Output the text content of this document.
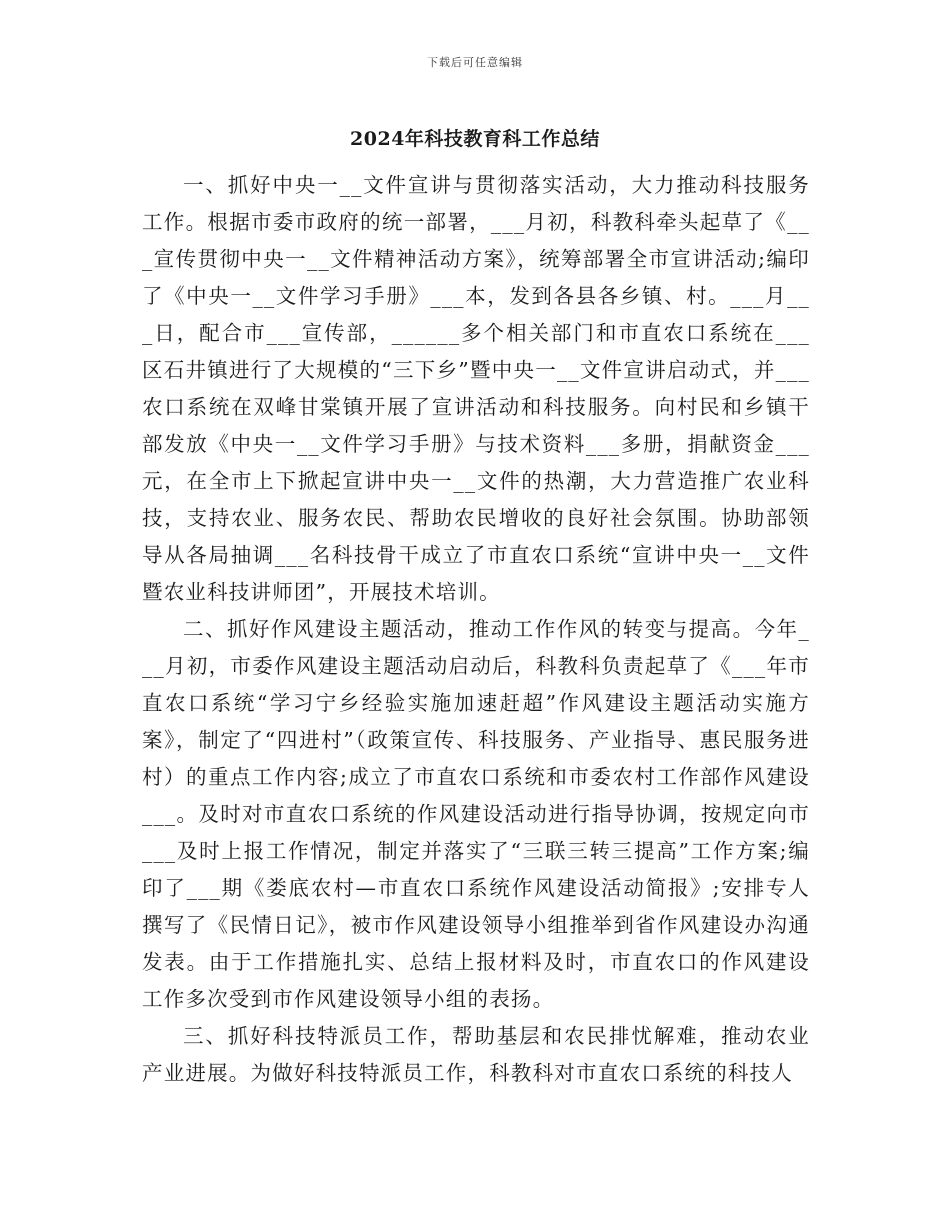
下载后可任意编辑
2024年科技教育科工作总结

一、抓好中央一__文件宣讲与贯彻落实活动，大力推动科技服务工作。根据市委市政府的统一部署，___月初，科教科牵头起草了《___宣传贯彻中央一__文件精神活动方案》，统筹部署全市宣讲活动;编印了《中央一__文件学习手册》___本，发到各县各乡镇、村。___月___日，配合市___宣传部，______多个相关部门和市直农口系统在___区石井镇进行了大规模的“三下乡”暨中央一__文件宣讲启动式，并___农口系统在双峰甘棠镇开展了宣讲活动和科技服务。向村民和乡镇干部发放《中央一__文件学习手册》与技术资料___多册，捐献资金___元，在全市上下掀起宣讲中央一__文件的热潮，大力营造推广农业科技，支持农业、服务农民、帮助农民增收的良好社会氛围。协助部领导从各局抽调___名科技骨干成立了市直农口系统“宣讲中央一__文件暨农业科技讲师团”，开展技术培训。

二、抓好作风建设主题活动，推动工作作风的转变与提高。今年___月初，市委作风建设主题活动启动后，科教科负责起草了《___年市直农口系统“学习宁乡经验实施加速赶超”作风建设主题活动实施方案》，制定了“四进村”（政策宣传、科技服务、产业指导、惠民服务进村）的重点工作内容;成立了市直农口系统和市委农村工作部作风建设___。及时对市直农口系统的作风建设活动进行指导协调，按规定向市___及时上报工作情况，制定并落实了“三联三转三提高”工作方案;编印了___期《娄底农村—市直农口系统作风建设活动简报》;安排专人撰写了《民情日记》，被市作风建设领导小组推举到省作风建设办沟通发表。由于工作措施扎实、总结上报材料及时，市直农口的作风建设工作多次受到市作风建设领导小组的表扬。

三、抓好科技特派员工作，帮助基层和农民排忧解难，推动农业产业进展。为做好科技特派员工作，科教科对市直农口系统的科技人
